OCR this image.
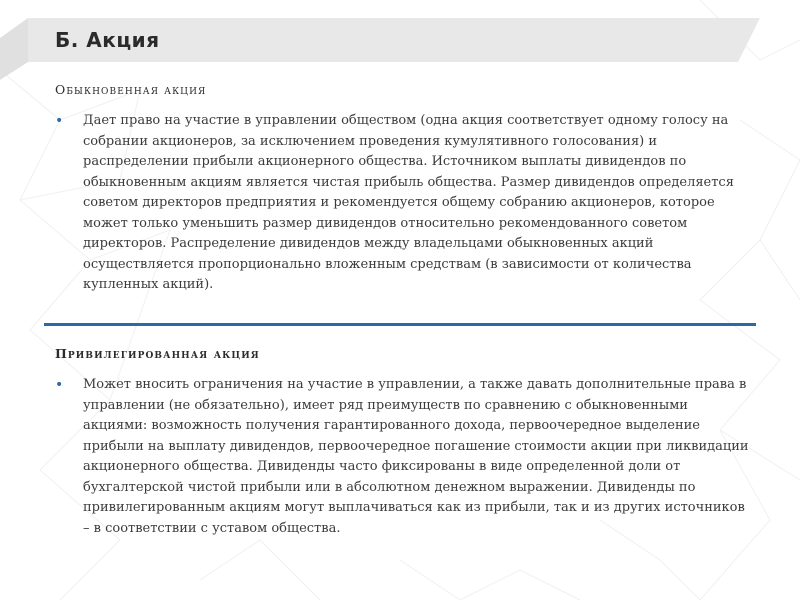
Б. Акция
Обыкновенная акция
•	Дает право на участие в управлении обществом (одна акция соответствует одному голосу на собрании акционеров, за исключением проведения кумулятивного голосования) и распределении прибыли акционерного общества. Источником выплаты дивидендов по обыкновенным акциям является чистая прибыль общества. Размер дивидендов определяется советом директоров предприятия и рекомендуется общему собранию акционеров, которое может только уменьшить размер дивидендов относительно рекомендованного советом директоров. Распределение дивидендов между владельцами обыкновенных акций осуществляется пропорционально вложенным средствам (в зависимости от количества купленных акций).

Привилегированная акция
•	Может вносить ограничения на участие в управлении, а также давать дополнительные права в управлении (не обязательно), имеет ряд преимуществ по сравнению с обыкновенными акциями: возможность получения гарантированного дохода, первоочередное выделение прибыли на выплату дивидендов, первоочередное погашение стоимости акции при ликвидации акционерного общества. Дивиденды часто фиксированы в виде определенной доли от бухгалтерской чистой прибыли или в абсолютном денежном выражении. Дивиденды по привилегированным акциям могут выплачиваться как из прибыли, так и из других источников – в соответствии с уставом общества.
